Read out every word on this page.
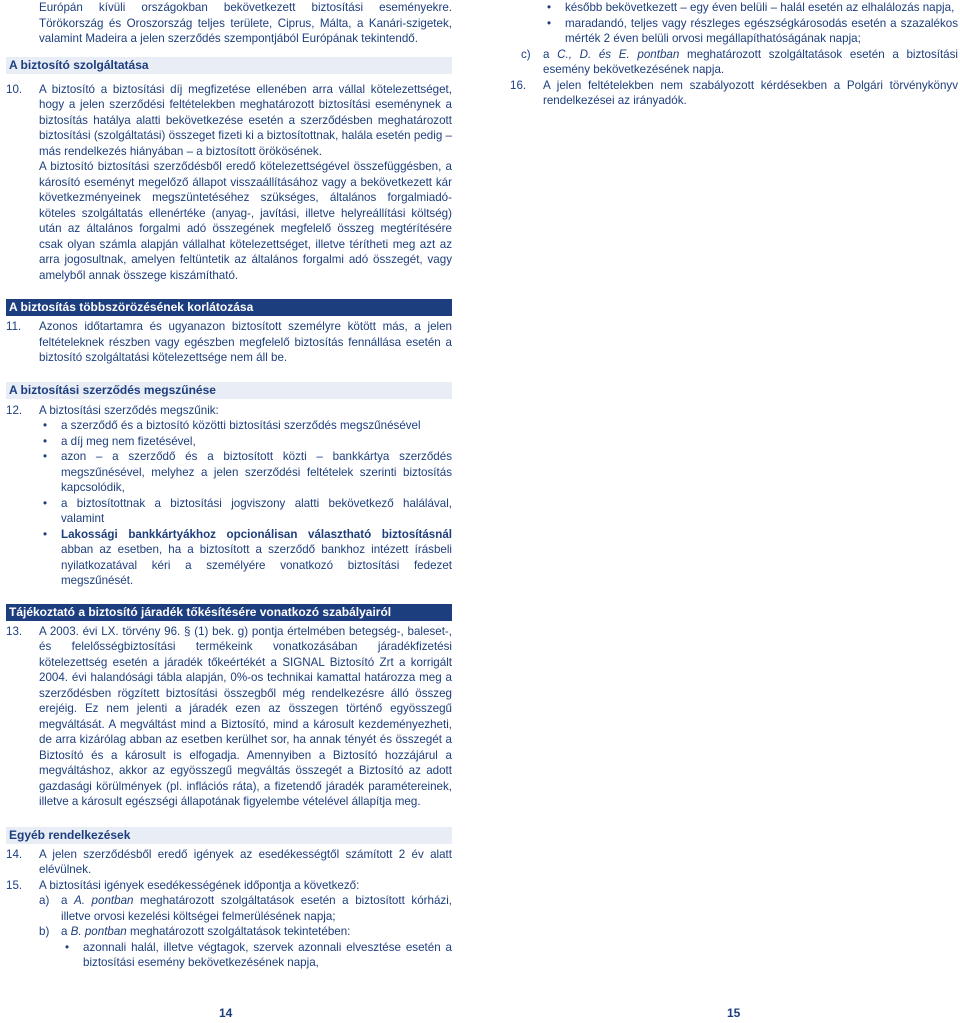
Európán kívüli országokban bekövetkezett biztosítási eseményekre. Törökország és Oroszország teljes területe, Ciprus, Málta, a Kanári-szigetek, valamint Madeira a jelen szerződés szempontjából Európának tekintendő.

A biztosító szolgáltatása
10. A biztosító a biztosítási díj megfizetése ellenében arra vállal kötelezettséget, hogy a jelen szerződési feltételekben meghatározott biztosítási eseménynek a biztosítás hatálya alatti bekövetkezése esetén a szerződésben meghatározott biztosítási (szolgáltatási) összeget fizeti ki a biztosítottnak, halála esetén pedig – más rendelkezés hiányában – a biztosított örökösének.

A biztosító biztosítási szerződésből eredő kötelezettségével összefüggésben, a károsító eseményt megelőző állapot visszaállításához vagy a bekövetkezett kár következményeinek megszüntetéséhez szükséges, általános forgalmiadó-köteles szolgáltatás ellenértéke (anyag-, javítási, illetve helyreállítási költség) után az általános forgalmi adó összegének megfelelő összeg megtérítésére csak olyan számla alapján vállalhat kötelezettséget, illetve térítheti meg azt az arra jogosultnak, amelyen feltüntetik az általános forgalmi adó összegét, vagy amelyből annak összege kiszámítható.

A biztosítás többszörözésének korlátozása
11. Azonos időtartamra és ugyanazon biztosított személyre kötött más, a jelen feltételeknek részben vagy egészben megfelelő biztosítás fennállása esetén a biztosító szolgáltatási kötelezettsége nem áll be.

A biztosítási szerződés megszűnése
12. A biztosítási szerződés megszűnik:

• a szerződő és a biztosító közötti biztosítási szerződés megszűnésével
• a díj meg nem fizetésével,
• azon – a szerződő és a biztosított közti – bankkártya szerződés megszűnésével, melyhez a jelen szerződési feltételek szerinti biztosítás kapcsolódik,
• a biztosítottnak a biztosítási jogviszony alatti bekövetkező halálával, valamint
• Lakossági bankkártyákhoz opcionálisan választható biztosításnál abban az esetben, ha a biztosított a szerződő bankhoz intézett írásbeli nyilatkozatával kéri a személyére vonatkozó biztosítási fedezet megszűnését.
Tájékoztató a biztosító járadék tőkésítésére vonatkozó szabályairól
13. A 2003. évi LX. törvény 96. § (1) bek. g) pontja értelmében betegség-, baleset-, és felelősségbiztosítási termékeink vonatkozásában járadékfizetési kötelezettség esetén a járadék tőkeértékét a SIGNAL Biztosító Zrt a korrigált 2004. évi halandósági tábla alapján, 0%-os technikai kamattal határozza meg a szerződésben rögzített biztosítási összegből még rendelkezésre álló összeg erejéig. Ez nem jelenti a járadék ezen az összegen történő egyösszegű megváltását. A megváltást mind a Biztosító, mind a károsult kezdeményezheti, de arra kizárólag abban az esetben kerülhet sor, ha annak tényét és összegét a Biztosító és a károsult is elfogadja. Amennyiben a Biztosító hozzájárul a megváltáshoz, akkor az egyösszegű megváltás összegét a Biztosító az adott gazdasági körülmények (pl. inflációs ráta), a fizetendő járadék paramétereinek, illetve a károsult egészségi állapotának figyelembe vételével állapítja meg.

Egyéb rendelkezések
14. A jelen szerződésből eredő igények az esedékességtől számított 2 év alatt elévülnek.

15. A biztosítási igények esedékességének időpontja a következő:

a) a A. pontban meghatározott szolgáltatások esetén a biztosított kórházi, illetve orvosi kezelési költségei felmerülésének napja;
b) a B. pontban meghatározott szolgáltatások tekintetében:
• azonnali halál, illetve végtagok, szervek azonnali elvesztése esetén a biztosítási esemény bekövetkezésének napja,
• később bekövetkezett – egy éven belüli – halál esetén az elhalálozás napja,
• maradandó, teljes vagy részleges egészségkárosodás esetén a szazalékos mérték 2 éven belüli orvosi megállapíthatóságának napja;
c) a C., D. és E. pontban meghatározott szolgáltatások esetén a biztosítási esemény bekövetkezésének napja.
16. A jelen feltételekben nem szabályozott kérdésekben a Polgári törvénykönyv rendelkezései az irányadók.

14	15
